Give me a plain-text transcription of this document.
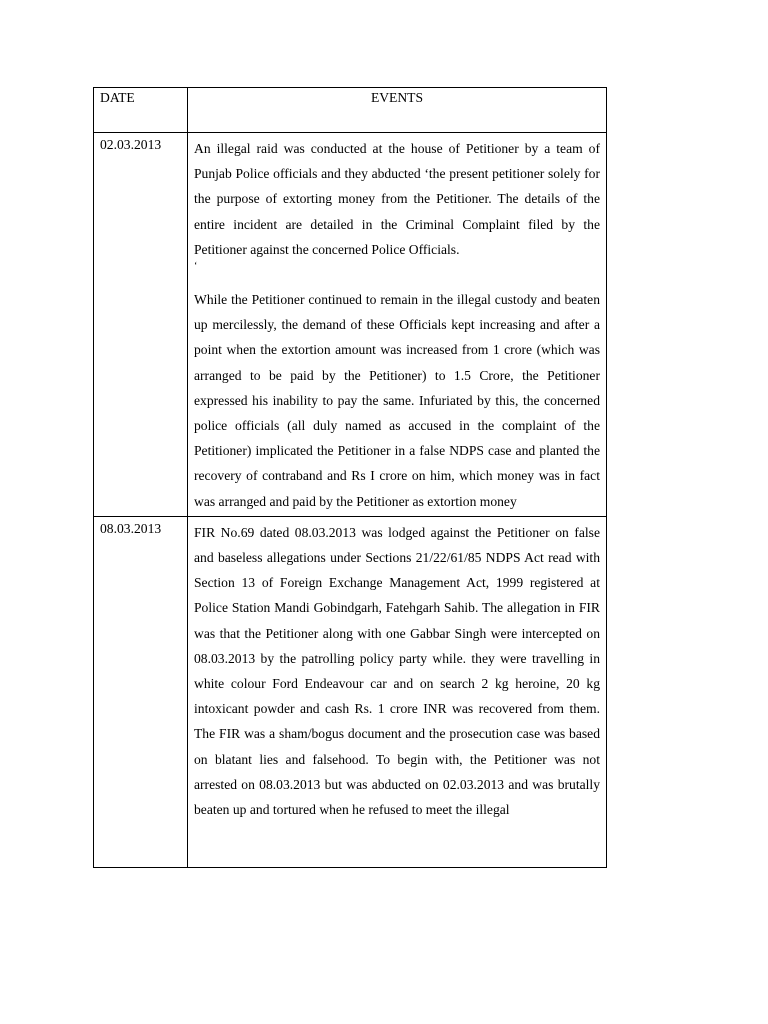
DATE	EVENTS
02.03.2013	An illegal raid was conducted at the house of Petitioner by a team of Punjab Police officials and they abducted ʻthe present petitioner solely for the purpose of extorting money from the Petitioner. The details of the entire incident are detailed in the Criminal Complaint filed by the Petitioner against the concerned Police Officials.

ʻ

While the Petitioner continued to remain in the illegal custody and beaten up mercilessly, the demand of these Officials kept increasing and after a point when the extortion amount was increased from 1 crore (which was arranged to be paid by the Petitioner) to 1.5 Crore, the Petitioner expressed his inability to pay the same. Infuriated by this, the concerned police officials (all duly named as accused in the complaint of the Petitioner) implicated the Petitioner in a false NDPS case and planted the recovery of contraband and Rs I crore on him, which money was in fact was arranged and paid by the Petitioner as extortion money

08.03.2013	FIR No.69 dated 08.03.2013 was lodged against the Petitioner on false and baseless allegations under Sections 21/22/61/85 NDPS Act read with Section 13 of Foreign Exchange Management Act, 1999 registered at Police Station Mandi Gobindgarh, Fatehgarh Sahib. The allegation in FIR was that the Petitioner along with one Gabbar Singh were intercepted on 08.03.2013 by the patrolling policy party while. they were travelling in white colour Ford Endeavour car and on search 2 kg heroine, 20 kg intoxicant powder and cash Rs. 1 crore INR was recovered from them. The FIR was a sham/bogus document and the prosecution case was based on blatant lies and falsehood. To begin with, the Petitioner was not arrested on 08.03.2013 but was abducted on 02.03.2013 and was brutally beaten up and tortured when he refused to meet the illegal
